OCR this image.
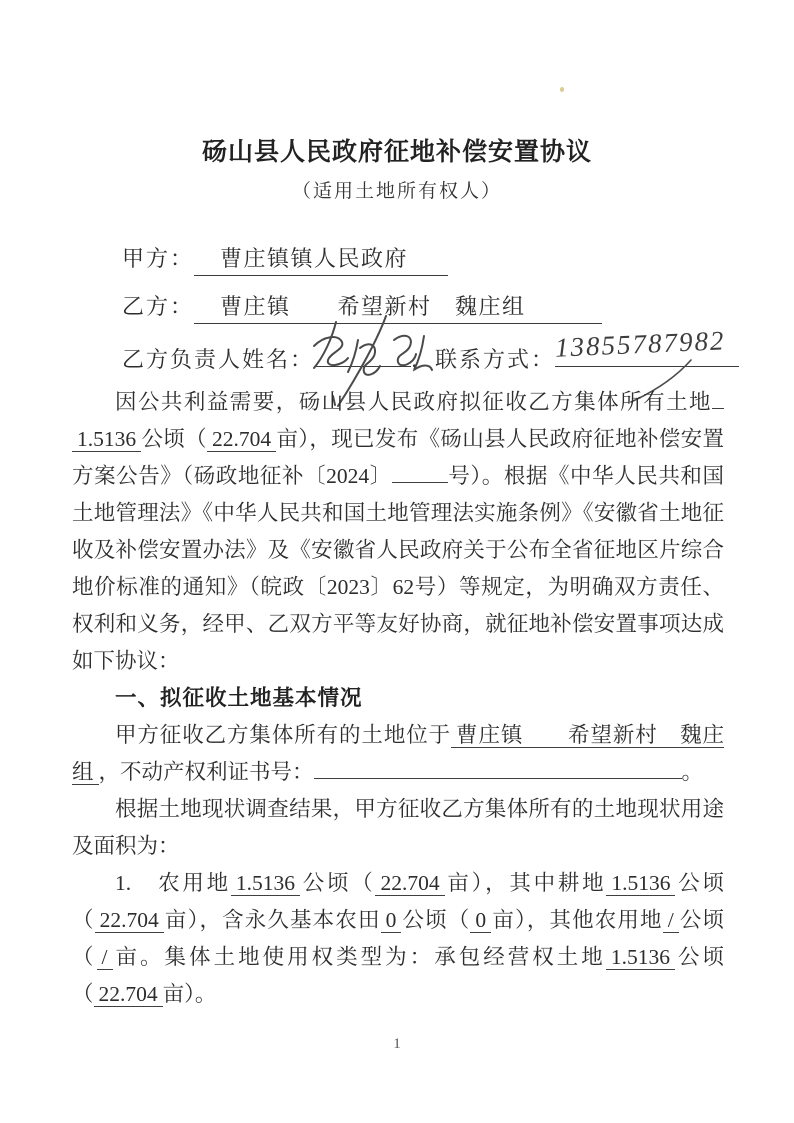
砀山县人民政府征地补偿安置协议
（适用土地所有权人）
甲方：	曹庄镇镇人民政府
乙方：	曹庄镇　　希望新村　魏庄组
乙方负责人姓名：	，联系方式： 13855787982

因公共利益需要，砀山县人民政府拟征收乙方集体所有土地1.5136 公顷（ 22.704 亩），现已发布《砀山县人民政府征地补偿安置方案公告》（砀政地征补〔2024〕	号）。根据《中华人民共和国土地管理法》《中华人民共和国土地管理法实施条例》《安徽省土地征收及补偿安置办法》及《安徽省人民政府关于公布全省征地区片综合地价标准的通知》（皖政〔2023〕62号）等规定，为明确双方责任、权利和义务，经甲、乙双方平等友好协商，就征地补偿安置事项达成如下协议：

一、拟征收土地基本情况

甲方征收乙方集体所有的土地位于 曹庄镇　　希望新村　魏庄组 ，不动产权利证书号：	。

根据土地现状调查结果，甲方征收乙方集体所有的土地现状用途及面积为：

1.　农用地 1.5136 公顷（ 22.704 亩），其中耕地 1.5136 公顷（ 22.704 亩），含永久基本农田 0 公顷（ 0 亩），其他农用地 / 公顷（ / 亩。集体土地使用权类型为：承包经营权土地 1.5136 公顷（ 22.704 亩）。

1
